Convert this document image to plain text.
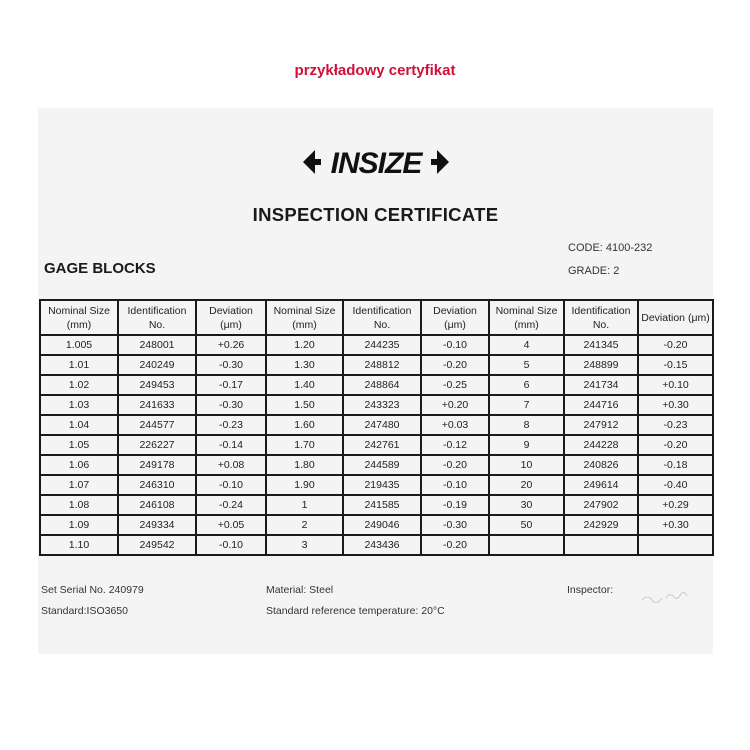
przykładowy certyfikat
INSIZE
INSPECTION CERTIFICATE
CODE: 4100-232
GAGE BLOCKS	GRADE: 2
Nominal Size (mm)	Identification No.	Deviation (μm)	Nominal Size (mm)	Identification No.	Deviation (μm)	Nominal Size (mm)	Identification No.	Deviation (μm)
1.005	248001	+0.26	1.20	244235	-0.10	4	241345	-0.20
1.01	240249	-0.30	1.30	248812	-0.20	5	248899	-0.15
1.02	249453	-0.17	1.40	248864	-0.25	6	241734	+0.10
1.03	241633	-0.30	1.50	243323	+0.20	7	244716	+0.30
1.04	244577	-0.23	1.60	247480	+0.03	8	247912	-0.23
1.05	226227	-0.14	1.70	242761	-0.12	9	244228	-0.20
1.06	249178	+0.08	1.80	244589	-0.20	10	240826	-0.18
1.07	246310	-0.10	1.90	219435	-0.10	20	249614	-0.40
1.08	246108	-0.24	1	241585	-0.19	30	247902	+0.29
1.09	249334	+0.05	2	249046	-0.30	50	242929	+0.30
1.10	249542	-0.10	3	243436	-0.20			
Set Serial No. 240979
Standard:ISO3650
Material: Steel
Standard reference temperature: 20°C
Inspector:
